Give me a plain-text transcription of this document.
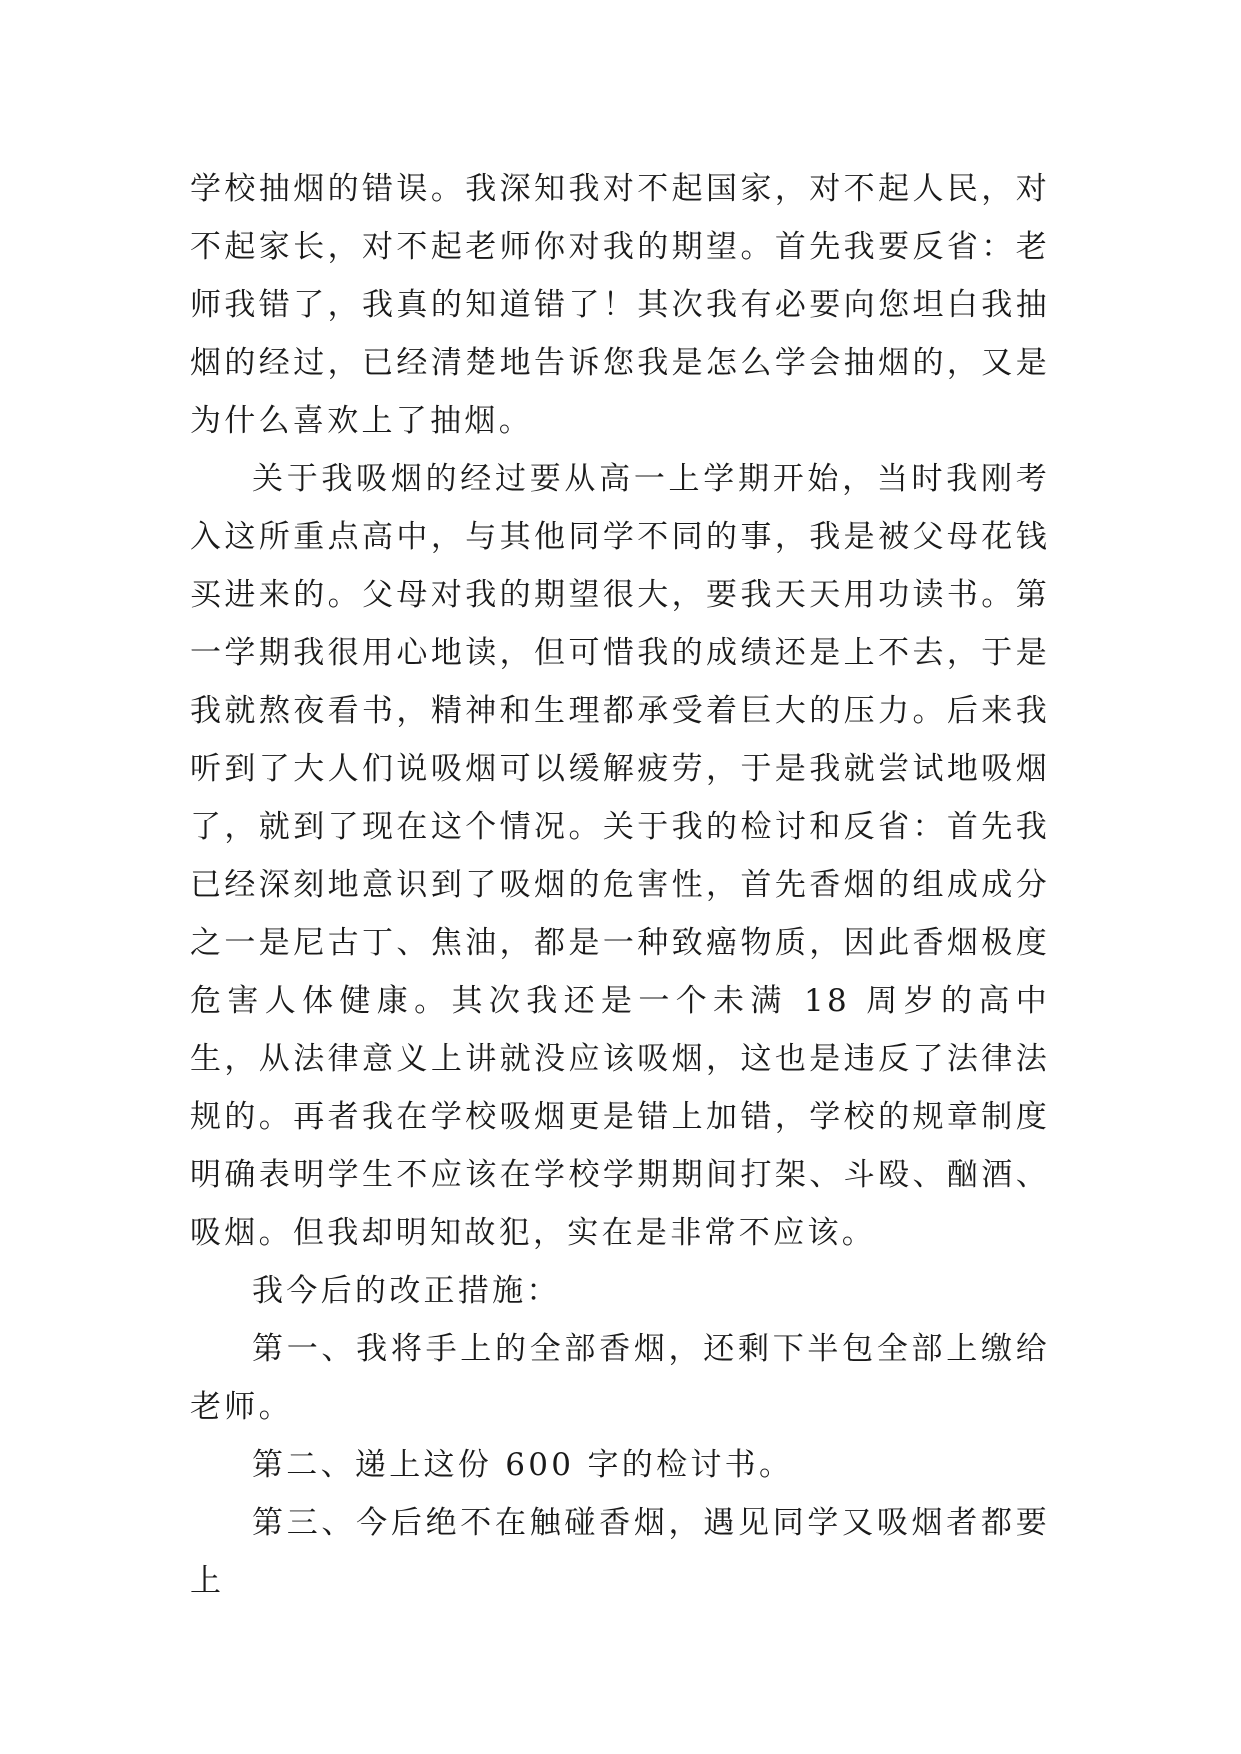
学校抽烟的错误。我深知我对不起国家，对不起人民，对不起家长，对不起老师你对我的期望。首先我要反省：老师我错了，我真的知道错了！其次我有必要向您坦白我抽烟的经过，已经清楚地告诉您我是怎么学会抽烟的，又是为什么喜欢上了抽烟。

关于我吸烟的经过要从高一上学期开始，当时我刚考入这所重点高中，与其他同学不同的事，我是被父母花钱买进来的。父母对我的期望很大，要我天天用功读书。第一学期我很用心地读，但可惜我的成绩还是上不去，于是我就熬夜看书，精神和生理都承受着巨大的压力。后来我听到了大人们说吸烟可以缓解疲劳，于是我就尝试地吸烟了，就到了现在这个情况。关于我的检讨和反省：首先我已经深刻地意识到了吸烟的危害性，首先香烟的组成成分之一是尼古丁、焦油，都是一种致癌物质，因此香烟极度危害人体健康。其次我还是一个未满 18 周岁的高中生，从法律意义上讲就没应该吸烟，这也是违反了法律法规的。再者我在学校吸烟更是错上加错，学校的规章制度明确表明学生不应该在学校学期期间打架、斗殴、酗酒、吸烟。但我却明知故犯，实在是非常不应该。

我今后的改正措施：

第一、我将手上的全部香烟，还剩下半包全部上缴给老师。

第二、递上这份 600 字的检讨书。

第三、今后绝不在触碰香烟，遇见同学又吸烟者都要上
